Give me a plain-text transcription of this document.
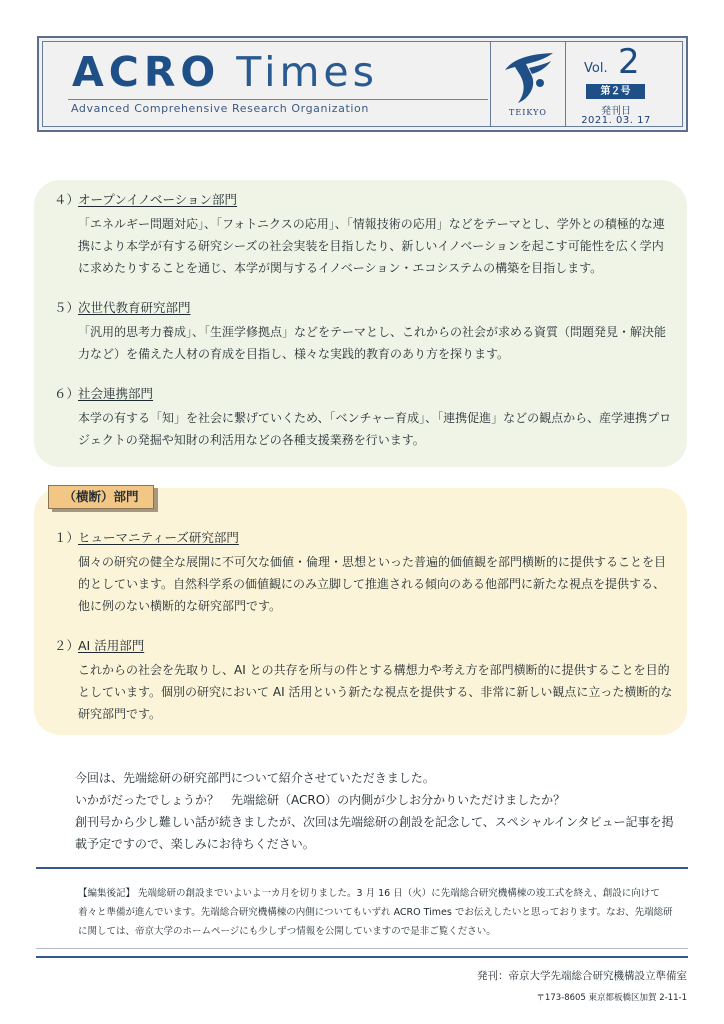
ACRO Times
Advanced Comprehensive Research Organization	TEIKYO
Vol. 2
第２号
発刊日
2021. 03. 17
４）オープンイノベーション部門
「エネルギー問題対応」、「フォトニクスの応用」、「情報技術の応用」などをテーマとし、学外との積極的な連携により本学が有する研究シーズの社会実装を目指したり、新しいイノベーションを起こす可能性を広く学内に求めたりすることを通じ、本学が関与するイノベーション・エコシステムの構築を目指します。
５）次世代教育研究部門
「汎用的思考力養成」、「生涯学修拠点」などをテーマとし、これからの社会が求める資質（問題発見・解決能力など）を備えた人材の育成を目指し、様々な実践的教育のあり方を探ります。
６）社会連携部門
本学の有する「知」を社会に繋げていくため、「ベンチャー育成」、「連携促進」などの観点から、産学連携プロジェクトの発掘や知財の利活用などの各種支援業務を行います。
１）ヒューマニティーズ研究部門
個々の研究の健全な展開に不可欠な価値・倫理・思想といった普遍的価値観を部門横断的に提供することを目的としています。自然科学系の価値観にのみ立脚して推進される傾向のある他部門に新たな視点を提供する、他に例のない横断的な研究部門です。
２）AI 活用部門
これからの社会を先取りし、AI との共存を所与の件とする構想力や考え方を部門横断的に提供することを目的としています。個別の研究において AI 活用という新たな視点を提供する、非常に新しい観点に立った横断的な研究部門です。
（横断）部門

今回は、先端総研の研究部門について紹介させていただきました。

いかがだったでしょうか？　先端総研（ACRO）の内側が少しお分かりいただけましたか？

創刊号から少し難しい話が続きましたが、次回は先端総研の創設を記念して、スペシャルインタビュー記事を掲載予定ですので、楽しみにお待ちください。

【編集後記】 先端総研の創設までいよいよ一カ月を切りました。3 月 16 日（火）に先端総合研究機構棟の竣工式を終え、創設に向けて着々と準備が進んでいます。先端総合研究機構棟の内側についてもいずれ ACRO Times でお伝えしたいと思っております。なお、先端総研に関しては、帝京大学のホームページにも少しずつ情報を公開していますので是非ご覧ください。
発刊：帝京大学先端総合研究機構設立準備室
〒173-8605 東京都板橋区加賀 2-11-1
